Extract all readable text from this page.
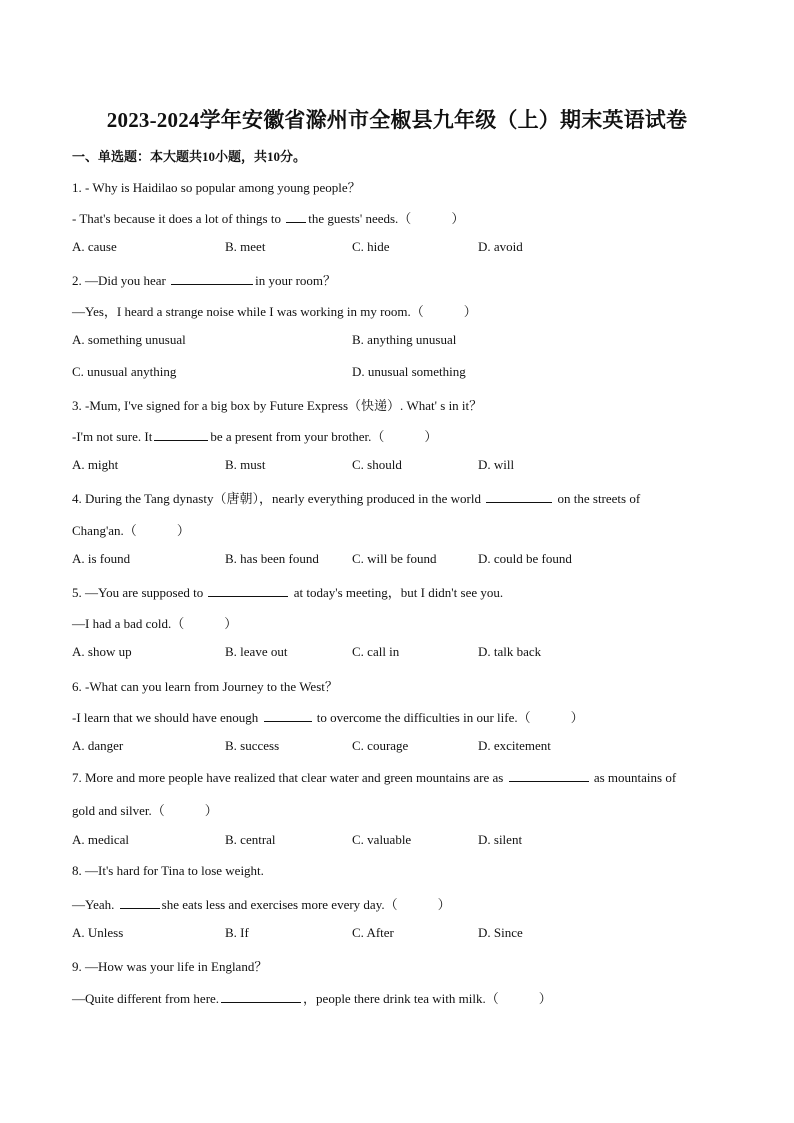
2023-2024学年安徽省滁州市全椒县九年级（上）期末英语试卷
一、单选题：本大题共10小题，共10分。
1. - Why is Haidilao so popular among young people？
- That's because it does a lot of things to the guests' needs.（	）
A. cause	B. meet	C. hide	D. avoid
2. —Did you hear	in your room？
—Yes，I heard a strange noise while I was working in my room.（	）
A. something unusual	B. anything unusual
C. unusual anything	D. unusual something
3. -Mum, I've signed for a big box by Future Express（快递）. What' s in it？
-I'm not sure. It	be a present from your brother.（	）
A. might	B. must	C. should	D. will
4. During the Tang dynasty（唐朝），nearly everything produced in the world	on the streets of
Chang'an.（	）
A. is found	B. has been found	C. will be found	D. could be found
5. —You are supposed to	at today's meeting，but I didn't see you.
—I had a bad cold.（	）
A. show up	B. leave out	C. call in	D. talk back
6. -What can you learn from Journey to the West？
-I learn that we should have enough	to overcome the difficulties in our life.（	）
A. danger	B. success	C. courage	D. excitement
7. More and more people have realized that clear water and green mountains are as	as mountains of
gold and silver.（	）
A. medical	B. central	C. valuable	D. silent
8. —It's hard for Tina to lose weight.
—Yeah.	she eats less and exercises more every day.（	）
A. Unless	B. If	C. After	D. Since
9. —How was your life in England？
—Quite different from here.	，people there drink tea with milk.（	）
